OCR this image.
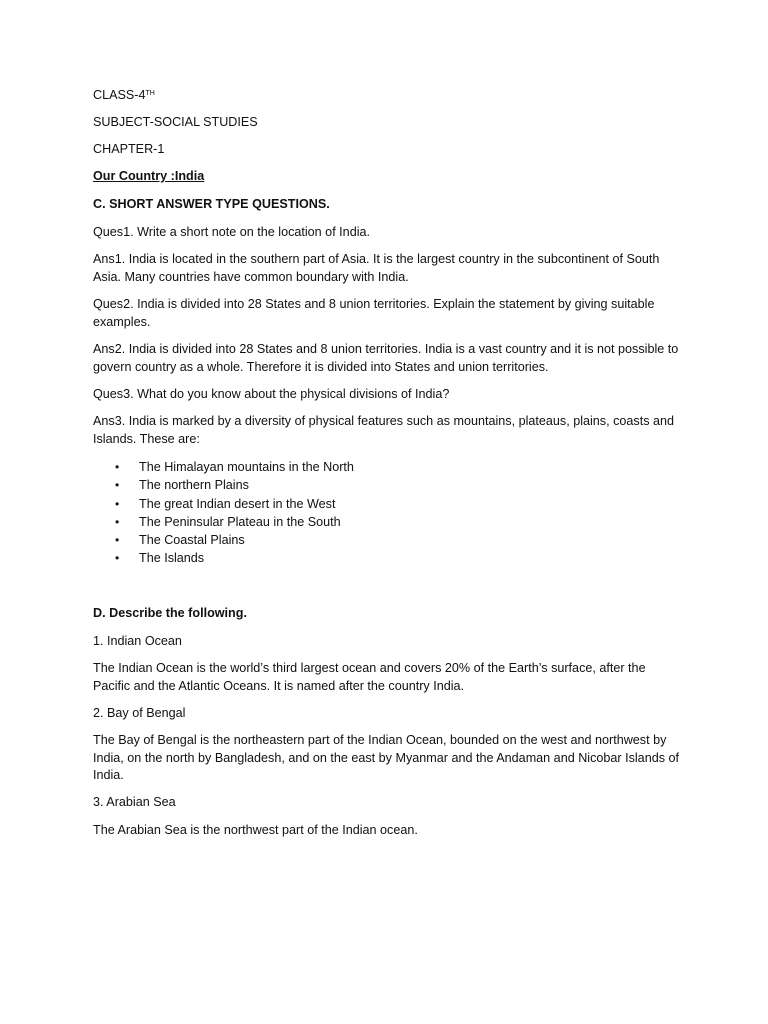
CLASS-4TH
SUBJECT-SOCIAL STUDIES
CHAPTER-1
Our Country :India
C. SHORT ANSWER TYPE QUESTIONS.
Ques1. Write a short note on the location of India.
Ans1. India is located in the southern part of Asia. It is the largest country in the subcontinent of South Asia. Many countries have common boundary with India.
Ques2. India is divided into 28 States and 8 union territories. Explain the statement by giving suitable examples.
Ans2. India is divided into 28 States and 8 union territories. India is a vast country and it is not possible to govern country as a whole. Therefore it is divided into States and union territories.
Ques3. What do you know about the physical divisions of India?
Ans3. India is marked by a diversity of physical features such as mountains, plateaus, plains, coasts and Islands. These are:
• The Himalayan mountains in the North
• The northern Plains
• The great Indian desert in the West
• The Peninsular Plateau in the South
• The Coastal Plains
• The Islands
D. Describe the following.
1. Indian Ocean
The Indian Ocean is the world’s third largest ocean and covers 20% of the Earth’s surface, after the Pacific and the Atlantic Oceans. It is named after the country India.
2. Bay of Bengal
The Bay of Bengal is the northeastern part of the Indian Ocean, bounded on the west and northwest by India, on the north by Bangladesh, and on the east by Myanmar and the Andaman and Nicobar Islands of India.
3. Arabian Sea
The Arabian Sea is the northwest part of the Indian ocean.
